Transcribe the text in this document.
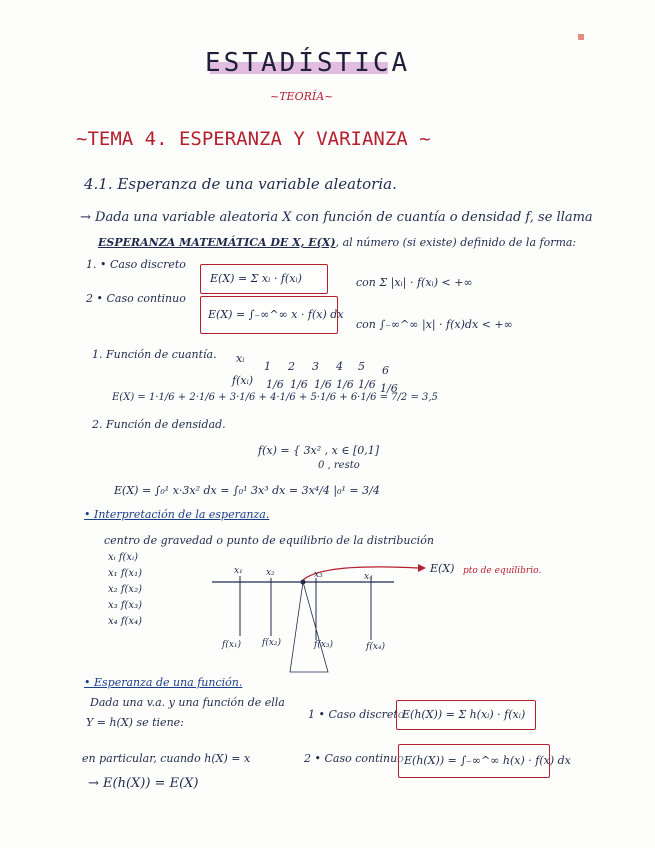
ESTADÍSTICA
~TEORÍA~
~TEMA 4. ESPERANZA Y VARIANZA ~
4.1. Esperanza de una variable aleatoria.
→ Dada una variable aleatoria X con función de cuantía o densidad f, se llama
ESPERANZA MATEMÁTICA DE X, E(X), al número (si existe) definido de la forma:
1. • Caso discreto
E(X) = Σ xᵢ · f(xᵢ)	con Σ |xᵢ| · f(xᵢ) < +∞
2 • Caso continuo
E(X) = ∫₋∞^∞ x · f(x) dx
con ∫₋∞^∞ |x| · f(x)dx < +∞
1. Función de cuantía. xᵢ
1 2 3 4 5 6
f(xᵢ) 1/6 1/6 1/6 1/6 1/6 1/6
E(X) = 1·1/6 + 2·1/6 + 3·1/6 + 4·1/6 + 5·1/6 + 6·1/6 = 7/2 = 3,5
2. Función de densidad.
f(x) = { 3x² , x ∈ [0,1]
0 , resto
E(X) = ∫₀¹ x·3x² dx = ∫₀¹ 3x³ dx = 3x⁴/4 |₀¹ = 3/4
• Interpretación de la esperanza.
centro de gravedad o punto de equilibrio de la distribución
xᵢ f(xᵢ)
x₁ f(x₁)
x₂ f(x₂)
x₃ f(x₃)
x₄ f(x₄)
x₁	x₂	x₃	x₄
f(x₁) f(x₂)	f(x₃)	f(x₄)
E(X) pto de equilibrio.
• Esperanza de una función.
Dada una v.a. y una función de ella
Y = h(X) se tiene:
1 • Caso discreto
E(h(X)) = Σ h(xᵢ) · f(xᵢ)
en particular, cuando h(X) = x	2 • Caso continuo E(h(X)) = ∫₋∞^∞ h(x) · f(x) dx
→ E(h(X)) = E(X)
